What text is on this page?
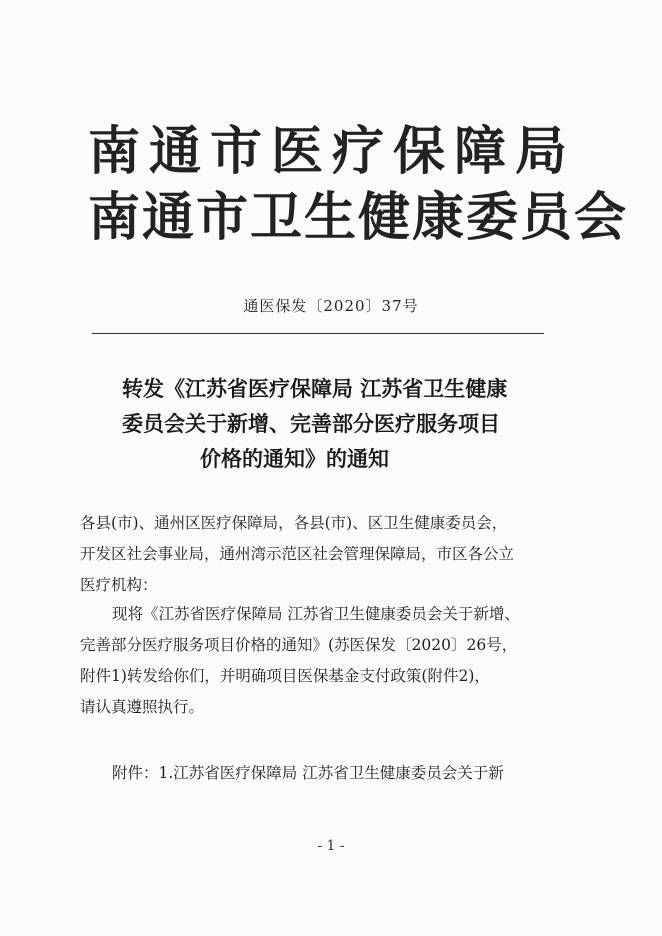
南通市医疗保障局
南通市卫生健康委员会
通医保发〔2020〕37号
转发《江苏省医疗保障局 江苏省卫生健康
委员会关于新增、完善部分医疗服务项目
价格的通知》的通知
各县(市)、通州区医疗保障局，各县(市)、区卫生健康委员会，
开发区社会事业局，通州湾示范区社会管理保障局，市区各公立
医疗机构：
现将《江苏省医疗保障局 江苏省卫生健康委员会关于新增、
完善部分医疗服务项目价格的通知》(苏医保发〔2020〕26号，
附件1)转发给你们，并明确项目医保基金支付政策(附件2)，
请认真遵照执行。
附件：1.江苏省医疗保障局 江苏省卫生健康委员会关于新
- 1 -
